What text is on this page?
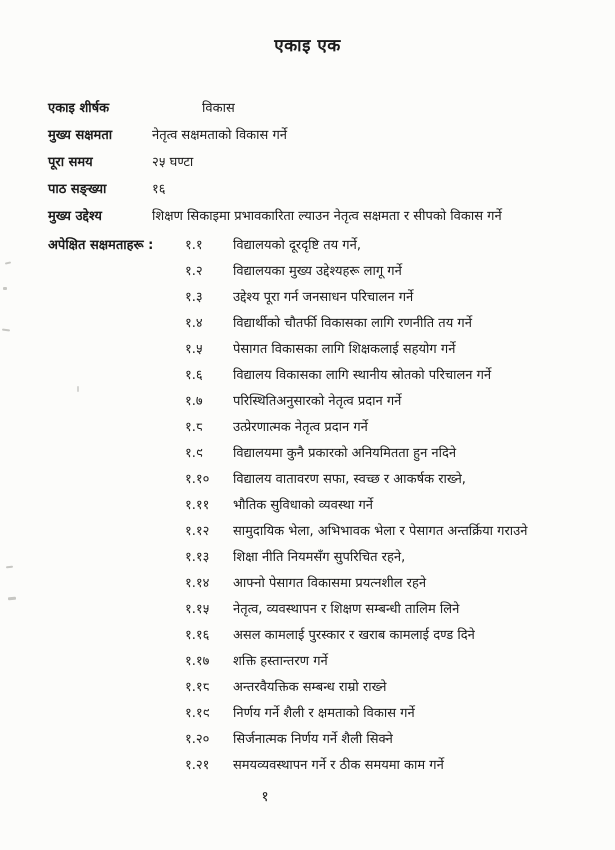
एकाइ एक
एकाइ शीर्षक	विकास
मुख्य सक्षमता	नेतृत्व सक्षमताको विकास गर्ने
पूरा समय	२५ घण्टा
पाठ सङ्ख्या	१६
मुख्य उद्देश्य	शिक्षण सिकाइमा प्रभावकारिता ल्याउन नेतृत्व सक्षमता र सीपको विकास गर्ने
अपेक्षित सक्षमताहरू :	१.१	विद्यालयको दूरदृष्टि तय गर्ने,
१.२	विद्यालयका मुख्य उद्देश्यहरू लागू गर्ने
१.३	उद्देश्य पूरा गर्न जनसाधन परिचालन गर्ने
१.४	विद्यार्थीको चौतर्फी विकासका लागि रणनीति तय गर्ने
१.५	पेसागत विकासका लागि शिक्षकलाई सहयोग गर्ने
१.६	विद्यालय विकासका लागि स्थानीय स्रोतको परिचालन गर्ने
१.७	परिस्थितिअनुसारको नेतृत्व प्रदान गर्ने
१.८	उत्प्रेरणात्मक नेतृत्व प्रदान गर्ने
१.९	विद्यालयमा कुनै प्रकारको अनियमितता हुन नदिने
१.१०	विद्यालय वातावरण सफा, स्वच्छ र आकर्षक राख्ने,
१.११	भौतिक सुविधाको व्यवस्था गर्ने
१.१२	सामुदायिक भेला, अभिभावक भेला र पेसागत अन्तर्क्रिया गराउने
१.१३	शिक्षा नीति नियमसँग सुपरिचित रहने,
१.१४	आफ्नो पेसागत विकासमा प्रयत्नशील रहने
१.१५	नेतृत्व, व्यवस्थापन र शिक्षण सम्बन्धी तालिम लिने
१.१६	असल कामलाई पुरस्कार र खराब कामलाई दण्ड दिने
१.१७	शक्ति हस्तान्तरण गर्ने
१.१८	अन्तरवैयक्तिक सम्बन्ध राम्रो राख्ने
१.१९	निर्णय गर्ने शैली र क्षमताको विकास गर्ने
१.२०	सिर्जनात्मक निर्णय गर्ने शैली सिक्ने
१.२१	समयव्यवस्थापन गर्ने र ठीक समयमा काम गर्ने
१
